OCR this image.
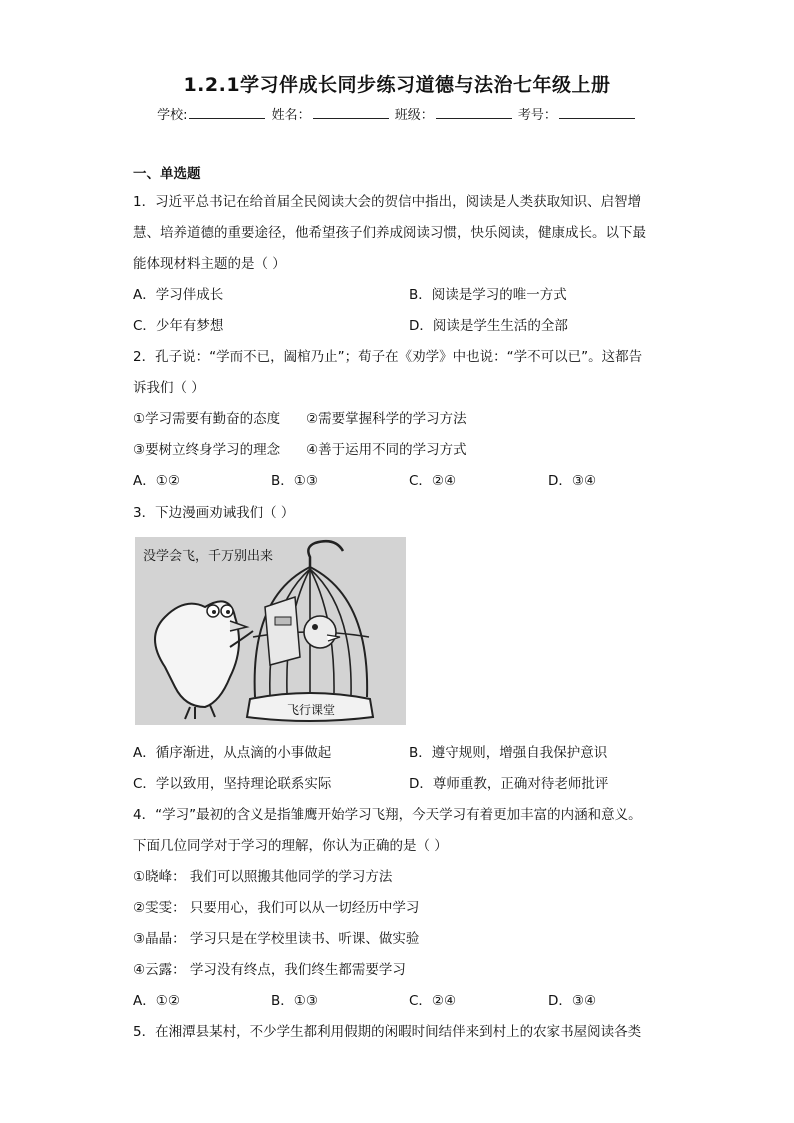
1.2.1学习伴成长同步练习道德与法治七年级上册
学校:	姓名：	班级：	考号：
一、单选题
1．习近平总书记在给首届全民阅读大会的贺信中指出，阅读是人类获取知识、启智增
慧、培养道德的重要途径，他希望孩子们养成阅读习惯，快乐阅读，健康成长。以下最
能体现材料主题的是（ ）
A．学习伴成长	B．阅读是学习的唯一方式
C．少年有梦想	D．阅读是学生生活的全部
2．孔子说：“学而不已，阖棺乃止”；荀子在《劝学》中也说：“学不可以已”。这都告
诉我们（ ）
①学习需要有勤奋的态度 ②需要掌握科学的学习方法
③要树立终身学习的理念 ④善于运用不同的学习方式
A．①②	B．①③	C．②④	D．③④
3．下边漫画劝诫我们（ ）
没学会飞，千万别出来
飞行课堂
A．循序渐进，从点滴的小事做起	B．遵守规则，增强自我保护意识
C．学以致用，坚持理论联系实际	D．尊师重教，正确对待老师批评
4．“学习”最初的含义是指雏鹰开始学习飞翔，今天学习有着更加丰富的内涵和意义。
下面几位同学对于学习的理解，你认为正确的是（ ）
①晓峰： 我们可以照搬其他同学的学习方法
②雯雯： 只要用心，我们可以从一切经历中学习
③晶晶： 学习只是在学校里读书、听课、做实验
④云露： 学习没有终点，我们终生都需要学习
A．①②	B．①③	C．②④	D．③④
5．在湘潭县某村，不少学生都利用假期的闲暇时间结伴来到村上的农家书屋阅读各类
